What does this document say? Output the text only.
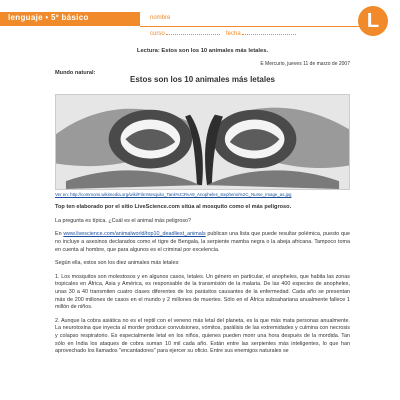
lenguaje • 5º básico	nombre
curso	fecha
L
Lectura: Estos son los 10 animales más letales.
E Mercurio, jueves 11 de marzo de 2007
Mundo natural:
Estos son los 10 animales más letales
Ver en: http://commons.wikimedia.org/wiki/File:Mosquito_Tank%C3%A9_Anopheles_stephensi%2C_Nurse_Image_as.jpg
Top ten elaborado por el sitio LiveScience.com sitúa al mosquito como el más peligroso.
La pregunta es típica. ¿Cuál es el animal más peligroso?
En www.livescience.com/animalworld/top10_deadliest_animals publican una lista que puede resultar polémica, puesto que no incluye a asesinos declarados como el tigre de Bengala, la serpiente mamba negra o la abeja africana. Tampoco toma en cuenta al hombre, que para algunos es el criminal por excelencia.
Según ella, estos son los diez animales más letales:
1. Los mosquitos son molestosos y en algunos casos, letales. Un género en particular, el anopheles, que habita las zonas tropicales en África, Asia y América, es responsable de la transmisión de la malaria. De las 400 especies de anopheles, unas 30 a 40 transmiten cuatro clases diferentes de los parásitos causantes de la enfermedad. Cada año se presentan más de 200 millones de casos en el mundo y 2 millones de muertes. Sólo en el África subsahariana anualmente fallece 1 millón de niños.
2. Aunque la cobra asiática no es el reptil con el veneno más letal del planeta, es la que más mata personas anualmente. La neurotoxina que inyecta al morder produce convulsiones, vómitos, parálisis de las extremidades y culmina con necrosis y colapso respiratorio. Es especialmente letal en los niños, quienes pueden morir una hora después de la mordida. Tan sólo en India los ataques de cobra suman 10 mil cada año. Están entre las serpientes más inteligentes, lo que han aprovechado los llamados "encantadores" para ejercer su oficio. Entre sus enemigos naturales se
